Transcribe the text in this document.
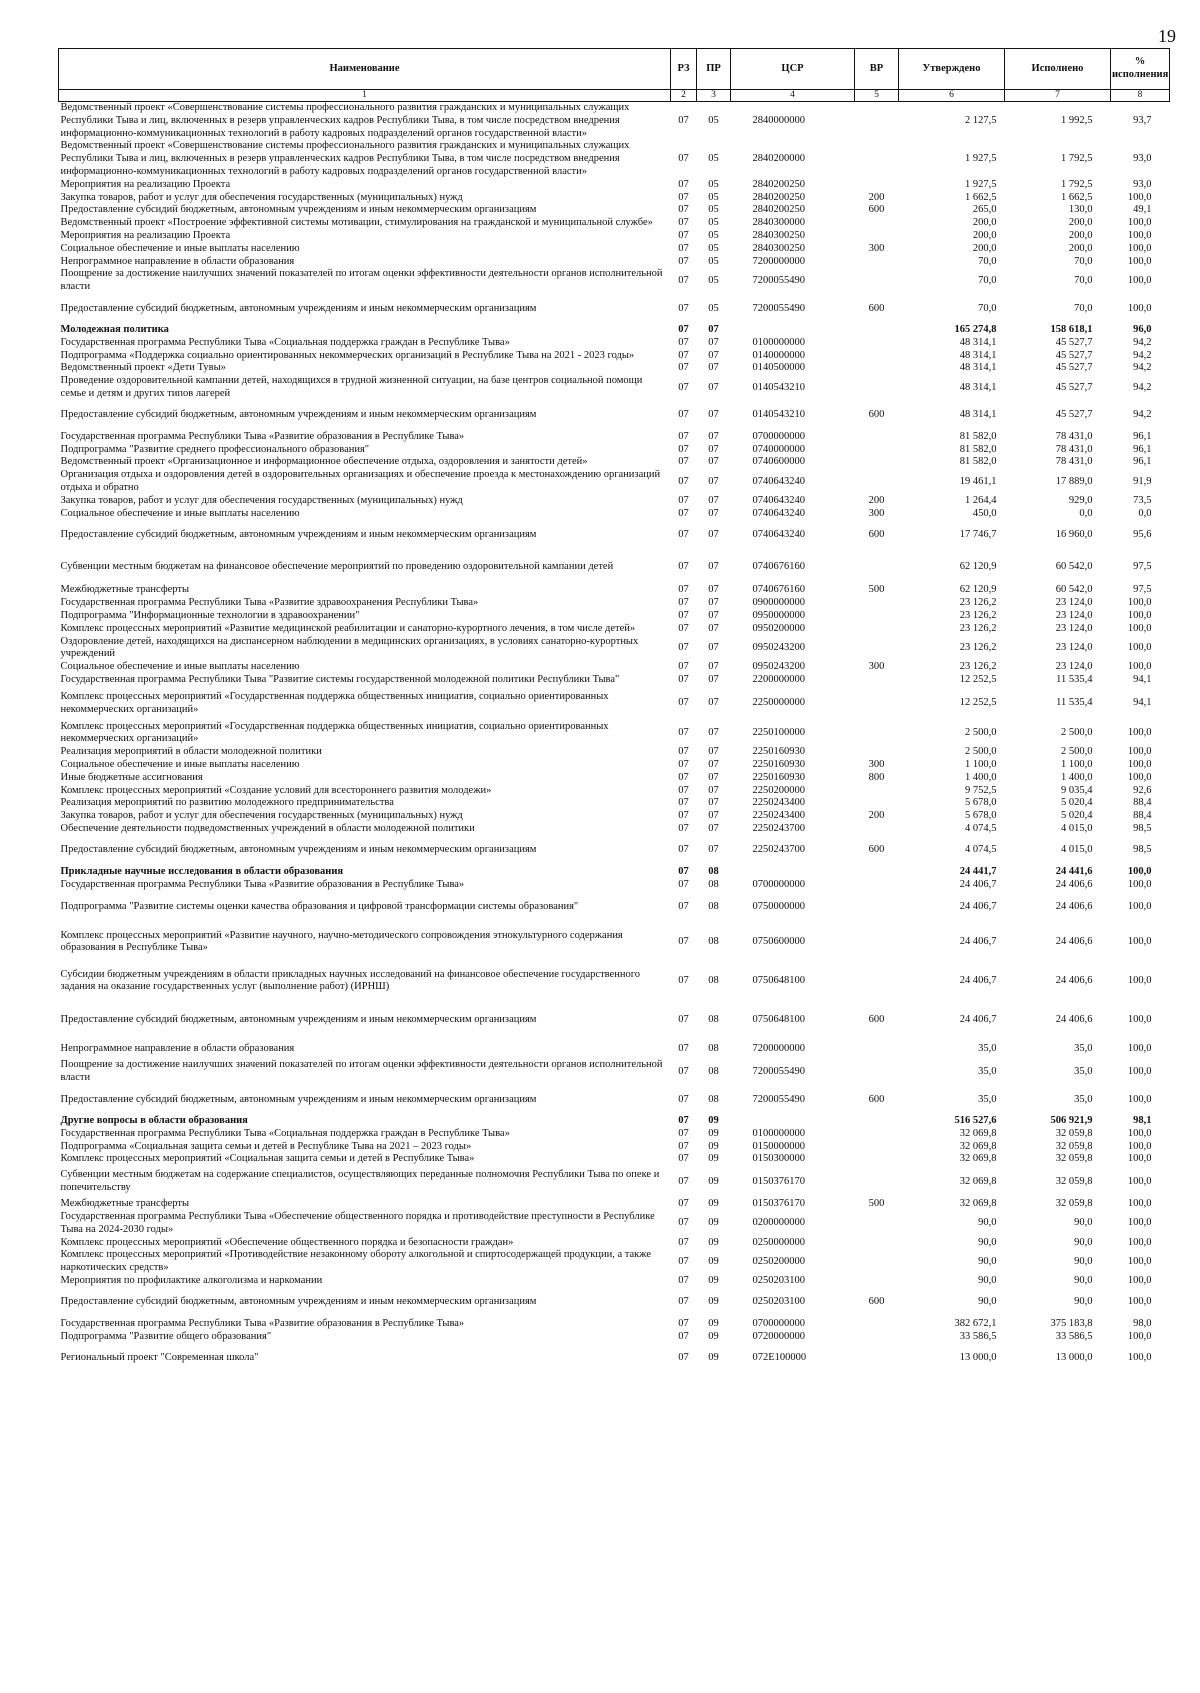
19
Наименование	РЗ	ПР	ЦСР	ВР	Утверждено	Исполнено	% исполнения
1	2	3	4	5	6	7	8
Ведомственный проект «Совершенствование системы профессионального развития гражданских и муниципальных служащих Республики Тыва и лиц, включенных в резерв управленческих кадров Республики Тыва, в том числе посредством внедрения информационно-коммуникационных технологий в работу кадровых подразделений органов государственной власти»	07	05	2840000000		2 127,5	1 992,5	93,7
Ведомственный проект «Совершенствование системы профессионального развития гражданских и муниципальных служащих Республики Тыва и лиц, включенных в резерв управленческих кадров Республики Тыва, в том числе посредством внедрения информационно-коммуникационных технологий в работу кадровых подразделений органов государственной власти»	07	05	2840200000		1 927,5	1 792,5	93,0
Мероприятия на реализацию Проекта	07	05	2840200250		1 927,5	1 792,5	93,0
Закупка товаров, работ и услуг для обеспечения государственных (муниципальных) нужд	07	05	2840200250	200	1 662,5	1 662,5	100,0
Предоставление субсидий бюджетным, автономным учреждениям и иным некоммерческим организациям	07	05	2840200250	600	265,0	130,0	49,1
Ведомственный проект «Построение эффективной системы мотивации, стимулирования на гражданской и муниципальной службе»	07	05	2840300000		200,0	200,0	100,0
Мероприятия на реализацию Проекта	07	05	2840300250		200,0	200,0	100,0
Социальное обеспечение и иные выплаты населению	07	05	2840300250	300	200,0	200,0	100,0
Непрограммное направление в области образования	07	05	7200000000		70,0	70,0	100,0
Поощрение за достижение наилучших значений показателей по итогам оценки эффективности деятельности органов исполнительной власти	07	05	7200055490		70,0	70,0	100,0
Предоставление субсидий бюджетным, автономным учреждениям и иным некоммерческим организациям	07	05	7200055490	600	70,0	70,0	100,0
Молодежная политика	07	07			165 274,8	158 618,1	96,0
Государственная программа Республики Тыва «Социальная поддержка граждан в Республике Тыва»	07	07	0100000000		48 314,1	45 527,7	94,2
Подпрограмма «Поддержка социально ориентированных некоммерческих организаций в Республике Тыва на 2021 - 2023 годы»	07	07	0140000000		48 314,1	45 527,7	94,2
Ведомственный проект «Дети Тувы»	07	07	0140500000		48 314,1	45 527,7	94,2
Проведение оздоровительной кампании детей, находящихся в трудной жизненной ситуации, на базе центров социальной помощи семье и детям и других типов лагерей	07	07	0140543210		48 314,1	45 527,7	94,2
Предоставление субсидий бюджетным, автономным учреждениям и иным некоммерческим организациям	07	07	0140543210	600	48 314,1	45 527,7	94,2
Государственная программа Республики Тыва «Развитие образования в Республике Тыва»	07	07	0700000000		81 582,0	78 431,0	96,1
Подпрограмма "Развитие среднего профессионального образования"	07	07	0740000000		81 582,0	78 431,0	96,1
Ведомственный проект «Организационное и информационное обеспечение отдыха, оздоровления и занятости детей»	07	07	0740600000		81 582,0	78 431,0	96,1
Организация отдыха и оздоровления детей в оздоровительных организациях и обеспечение проезда к местонахождению организаций отдыха и обратно	07	07	0740643240		19 461,1	17 889,0	91,9
Закупка товаров, работ и услуг для обеспечения государственных (муниципальных) нужд	07	07	0740643240	200	1 264,4	929,0	73,5
Социальное обеспечение и иные выплаты населению	07	07	0740643240	300	450,0	0,0	0,0
Предоставление субсидий бюджетным, автономным учреждениям и иным некоммерческим организациям	07	07	0740643240	600	17 746,7	16 960,0	95,6
Субвенции местным бюджетам на финансовое обеспечение мероприятий по проведению оздоровительной кампании детей	07	07	0740676160		62 120,9	60 542,0	97,5
Межбюджетные трансферты	07	07	0740676160	500	62 120,9	60 542,0	97,5
Государственная программа Республики Тыва «Развитие здравоохранения Республики Тыва»	07	07	0900000000		23 126,2	23 124,0	100,0
Подпрограмма "Информационные технологии в здравоохранении"	07	07	0950000000		23 126,2	23 124,0	100,0
Комплекс процессных мероприятий «Развитие медицинской реабилитации и санаторно-курортного лечения, в том числе детей»	07	07	0950200000		23 126,2	23 124,0	100,0
Оздоровление детей, находящихся на диспансерном наблюдении в медицинских организациях, в условиях санаторно-курортных учреждений	07	07	0950243200		23 126,2	23 124,0	100,0
Социальное обеспечение и иные выплаты населению	07	07	0950243200	300	23 126,2	23 124,0	100,0
Государственная программа Республики Тыва "Развитие системы государственной молодежной политики Республики Тыва"	07	07	2200000000		12 252,5	11 535,4	94,1
Комплекс процессных мероприятий «Государственная поддержка общественных инициатив, социально ориентированных некоммерческих организаций»	07	07	2250000000		12 252,5	11 535,4	94,1
Комплекс процессных мероприятий «Государственная поддержка общественных инициатив, социально ориентированных некоммерческих организаций»	07	07	2250100000		2 500,0	2 500,0	100,0
Реализация мероприятий в области молодежной политики	07	07	2250160930		2 500,0	2 500,0	100,0
Социальное обеспечение и иные выплаты населению	07	07	2250160930	300	1 100,0	1 100,0	100,0
Иные бюджетные ассигнования	07	07	2250160930	800	1 400,0	1 400,0	100,0
Комплекс процессных мероприятий «Создание условий для всестороннего развития молодежи»	07	07	2250200000		9 752,5	9 035,4	92,6
Реализация мероприятий по развитию молодежного предпринимательства	07	07	2250243400		5 678,0	5 020,4	88,4
Закупка товаров, работ и услуг для обеспечения государственных (муниципальных) нужд	07	07	2250243400	200	5 678,0	5 020,4	88,4
Обеспечение деятельности подведомственных учреждений в области молодежной политики	07	07	2250243700		4 074,5	4 015,0	98,5
Предоставление субсидий бюджетным, автономным учреждениям и иным некоммерческим организациям	07	07	2250243700	600	4 074,5	4 015,0	98,5
Прикладные научные исследования в области образования	07	08			24 441,7	24 441,6	100,0
Государственная программа Республики Тыва «Развитие образования в Республике Тыва»	07	08	0700000000		24 406,7	24 406,6	100,0
Подпрограмма "Развитие системы оценки качества образования и цифровой трансформации системы образования"	07	08	0750000000		24 406,7	24 406,6	100,0
Комплекс процессных мероприятий «Развитие научного, научно-методического сопровождения этнокультурного содержания образования в Республике Тыва»	07	08	0750600000		24 406,7	24 406,6	100,0
Субсидии бюджетным учреждениям в области прикладных научных исследований на финансовое обеспечение государственного задания на оказание государственных услуг (выполнение работ) (ИРНШ)	07	08	0750648100		24 406,7	24 406,6	100,0
Предоставление субсидий бюджетным, автономным учреждениям и иным некоммерческим организациям	07	08	0750648100	600	24 406,7	24 406,6	100,0
Непрограммное направление в области образования	07	08	7200000000		35,0	35,0	100,0
Поощрение за достижение наилучших значений показателей по итогам оценки эффективности деятельности органов исполнительной власти	07	08	7200055490		35,0	35,0	100,0
Предоставление субсидий бюджетным, автономным учреждениям и иным некоммерческим организациям	07	08	7200055490	600	35,0	35,0	100,0
Другие вопросы в области образования	07	09			516 527,6	506 921,9	98,1
Государственная программа Республики Тыва «Социальная поддержка граждан в Республике Тыва»	07	09	0100000000		32 069,8	32 059,8	100,0
Подпрограмма «Социальная защита семьи и детей в Республике Тыва на 2021 – 2023 годы»	07	09	0150000000		32 069,8	32 059,8	100,0
Комплекс процессных мероприятий «Социальная защита семьи и детей в Республике Тыва»	07	09	0150300000		32 069,8	32 059,8	100,0
Субвенции местным бюджетам на содержание специалистов, осуществляющих переданные полномочия Республики Тыва по опеке и попечительству	07	09	0150376170		32 069,8	32 059,8	100,0
Межбюджетные трансферты	07	09	0150376170	500	32 069,8	32 059,8	100,0
Государственная программа Республики Тыва «Обеспечение общественного порядка и противодействие преступности в Республике Тыва на 2024-2030 годы»	07	09	0200000000		90,0	90,0	100,0
Комплекс процессных мероприятий «Обеспечение общественного порядка и безопасности граждан»	07	09	0250000000		90,0	90,0	100,0
Комплекс процессных мероприятий «Противодействие незаконному обороту алкогольной и спиртосодержащей продукции, а также наркотических средств»	07	09	0250200000		90,0	90,0	100,0
Мероприятия по профилактике алкоголизма и наркомании	07	09	0250203100		90,0	90,0	100,0
Предоставление субсидий бюджетным, автономным учреждениям и иным некоммерческим организациям	07	09	0250203100	600	90,0	90,0	100,0
Государственная программа Республики Тыва «Развитие образования в Республике Тыва»	07	09	0700000000		382 672,1	375 183,8	98,0
Подпрограмма "Развитие общего образования"	07	09	0720000000		33 586,5	33 586,5	100,0
Региональный проект "Современная школа"	07	09	072E100000		13 000,0	13 000,0	100,0
